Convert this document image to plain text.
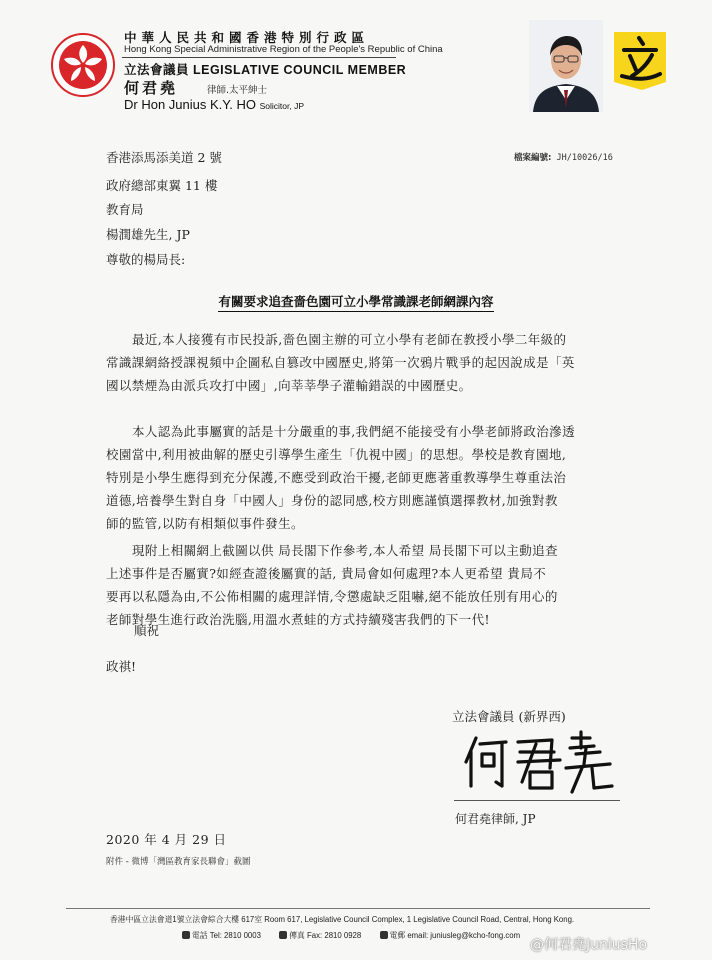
中華人民共和國香港特別行政區
Hong Kong Special Administrative Region of the People's Republic of China
立法會議員 LEGISLATIVE COUNCIL MEMBER
何君堯	律師.太平紳士
Dr Hon Junius K.Y. HO Solicitor, JP
檔案編號: JH/10026/16
香港添馬添美道 2 號
政府總部東翼 11 樓
教育局
楊潤雄先生, JP
尊敬的楊局長:
有關要求追查嗇色園可立小學常識課老師網課內容
最近,本人接獲有市民投訴,嗇色園主辦的可立小學有老師在教授小學二年級的
常識課網絡授課視頻中企圖私自篡改中國歷史,將第一次鴉片戰爭的起因說成是「英
國以禁煙為由派兵攻打中國」,向莘莘學子灌輸錯誤的中國歷史。
本人認為此事屬實的話是十分嚴重的事,我們絕不能接受有小學老師將政治滲透
校園當中,利用被曲解的歷史引導學生產生「仇視中國」的思想。學校是教育園地,
特別是小學生應得到充分保護,不應受到政治干擾,老師更應著重教導學生尊重法治
道德,培養學生對自身「中國人」身份的認同感,校方則應謹慎選擇教材,加強對教
師的監管,以防有相類似事件發生。
現附上相關網上截圖以供 局長閣下作參考,本人希望 局長閣下可以主動追查
上述事件是否屬實?如經查證後屬實的話, 貴局會如何處理?本人更希望 貴局不
要再以私隱為由,不公佈相關的處理詳情,令懲處缺乏阻嚇,絕不能放任別有用心的
老師對學生進行政治洗腦,用溫水煮蛙的方式持續殘害我們的下一代!
順祝
政祺!
立法會議員 (新界西)
何君堯律師, JP
2020 年 4 月 29 日
附件 - 微博「灣區教育家長聯會」截圖
香港中區立法會道1號立法會綜合大樓 617室 Room 617, Legislative Council Complex, 1 Legislative Council Road, Central, Hong Kong.
電話 Tel: 2810 0003	傳真 Fax: 2810 0928	電郵 email: juniusleg@kcho-fong.com
@何君堯JuniusHo
